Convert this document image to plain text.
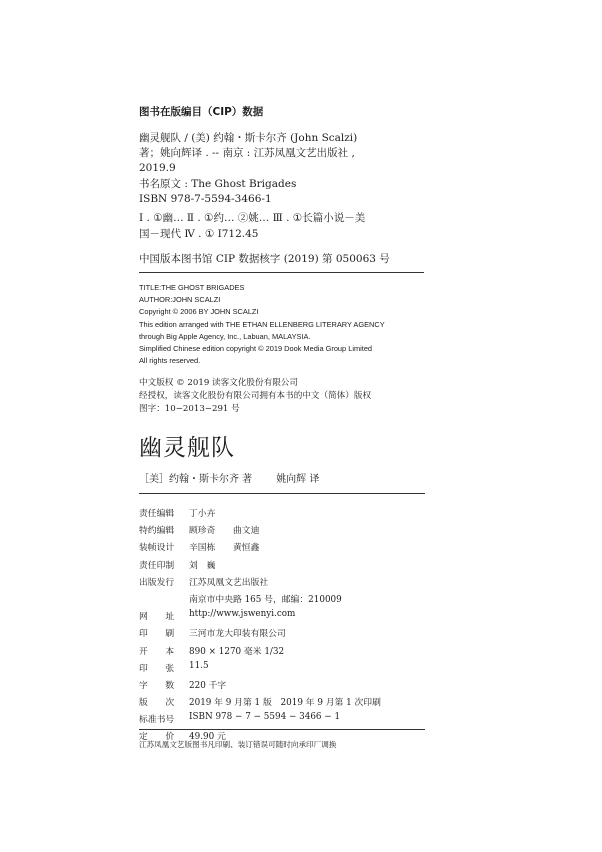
图书在版编目（CIP）数据
幽灵舰队 / (美) 约翰・斯卡尔齐 (John Scalzi)
著；姚向辉译 . -- 南京 : 江苏凤凰文艺出版社 ,
2019.9
书名原文 : The Ghost Brigades
ISBN 978-7-5594-3466-1
Ⅰ . ①幽… Ⅱ . ①约… ②姚… Ⅲ . ①长篇小说－美
国－现代 Ⅳ . ① I712.45
中国版本图书馆 CIP 数据核字 (2019) 第 050063 号
TITLE:THE GHOST BRIGADES
AUTHOR:JOHN SCALZI
Copyright © 2006 BY JOHN SCALZI
This edition arranged with THE ETHAN ELLENBERG LITERARY AGENCY
through Big Apple Agency, Inc., Labuan, MALAYSIA.
Simplified Chinese edition copyright © 2019 Dook Media Group Limited
All rights reserved.
中文版权 © 2019 读客文化股份有限公司
经授权，读客文化股份有限公司拥有本书的中文（简体）版权
图字：10−2013−291 号
幽灵舰队
［美］约翰・斯卡尔齐 著 姚向辉 译
责任编辑	丁小卉
特约编辑	顾珍奇　　曲文迪
装帧设计	辛国栋　　黄恒鑫
责任印制	刘　巍
出版发行	江苏凤凰文艺出版社
	南京市中央路 165 号，邮编：210009
网　　址	http://www.jswenyi.com
印　　刷	三河市龙大印装有限公司
开　　本	890 × 1270 毫米 1/32
印　　张	11.5
字　　数	220 千字
版　　次	2019 年 9 月第 1 版　2019 年 9 月第 1 次印刷
标准书号	ISBN 978 − 7 − 5594 − 3466 − 1
定　　价	49.90 元
江苏凤凰文艺版图书凡印刷、装订错误可随时向承印厂调换
